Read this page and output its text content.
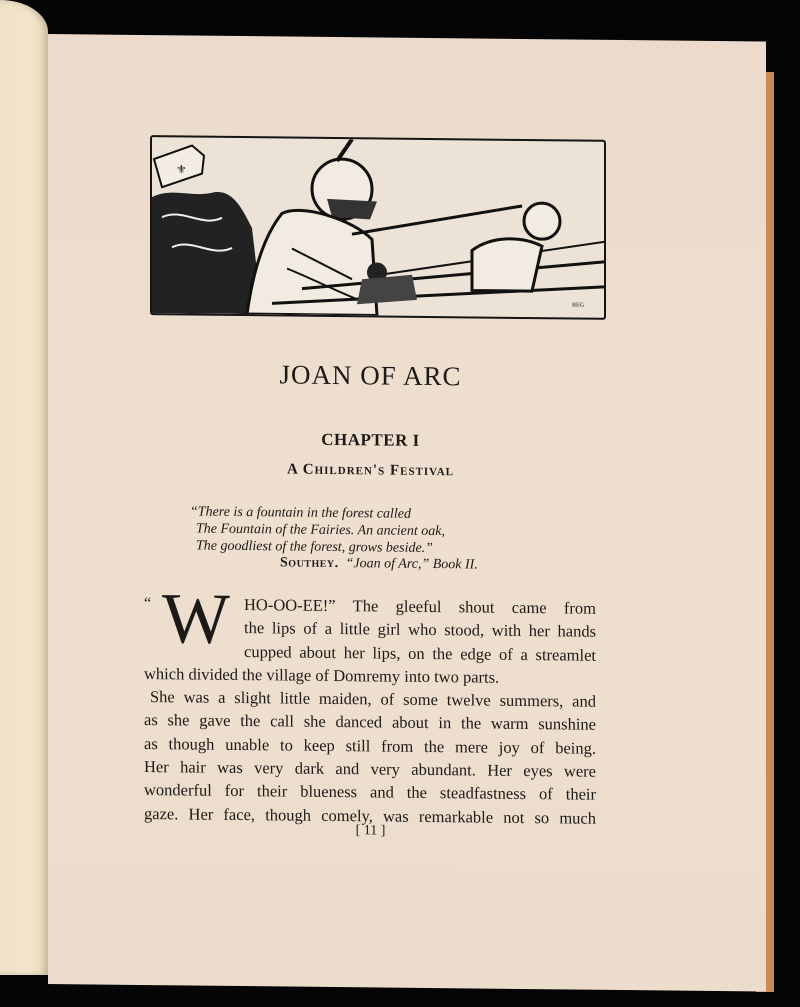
⚜
BEG
JOAN OF ARC
CHAPTER I
A Children's Festival
“There is a fountain in the forest called
The Fountain of the Fairies. An ancient oak,
The goodliest of the forest, grows beside.”
Southey. “Joan of Arc,” Book II.
“ W HO-OO-EE!” The gleeful shout came from
the lips of a little girl who stood, with her hands
cupped about her lips, on the edge of a streamlet
which divided the village of Domremy into two parts.
She was a slight little maiden, of some twelve summers, and
as she gave the call she danced about in the warm sunshine
as though unable to keep still from the mere joy of being.
Her hair was very dark and very abundant. Her eyes were
wonderful for their blueness and the steadfastness of their
gaze. Her face, though comely, was remarkable not so much
[ 11 ]
